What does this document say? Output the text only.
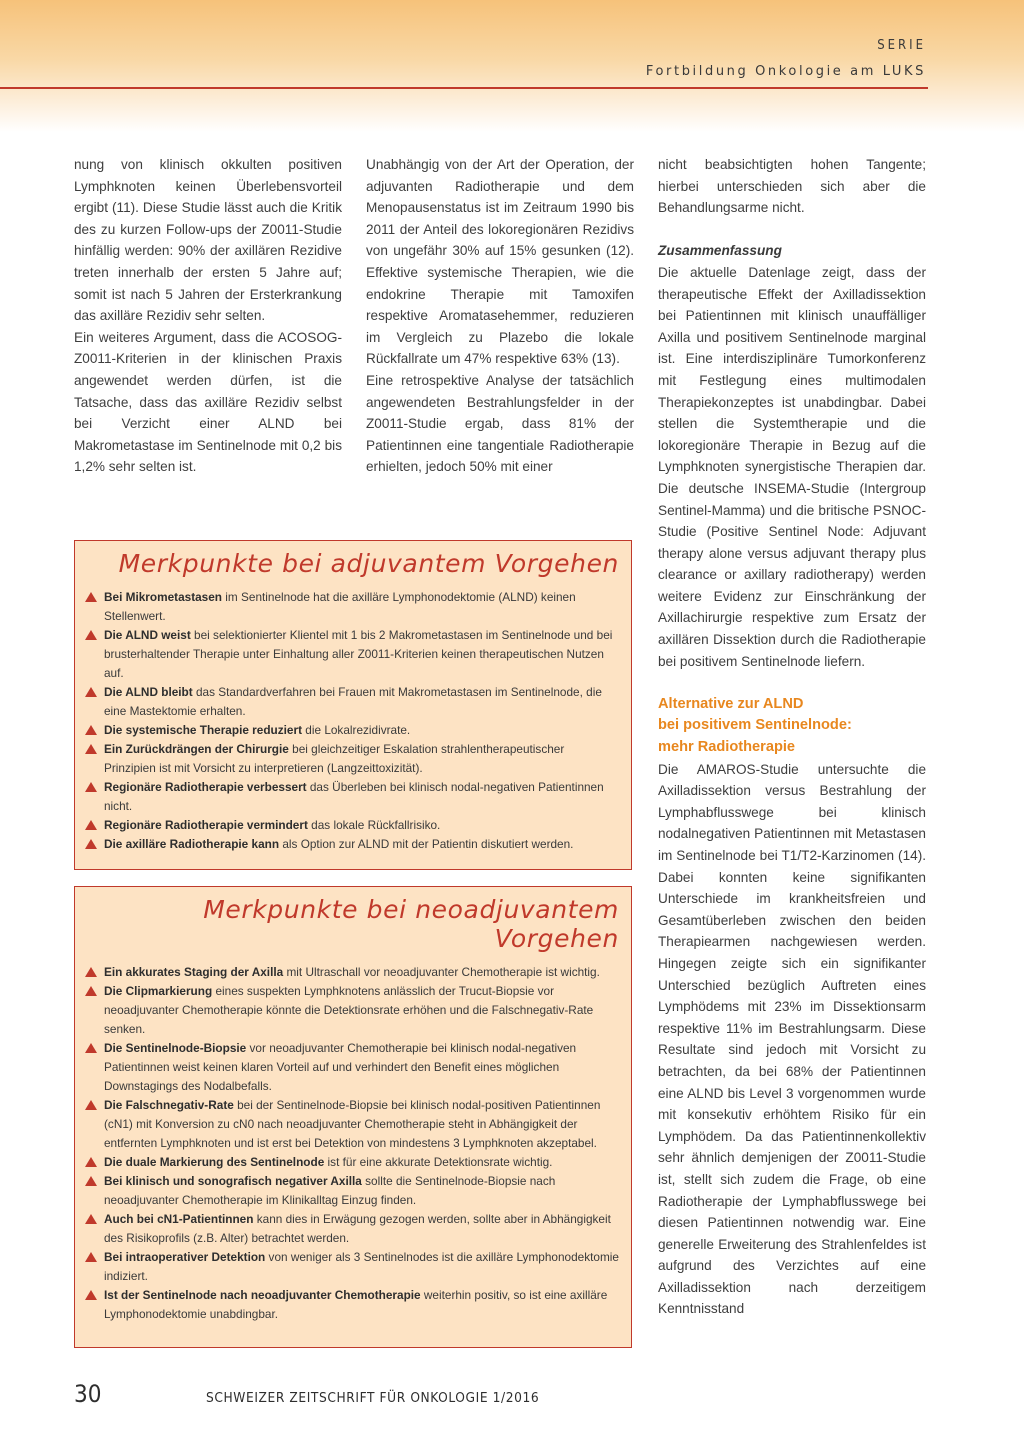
SERIE
Fortbildung Onkologie am LUKS

nung von klinisch okkulten positiven Lymphknoten keinen Überlebensvorteil ergibt (11). Diese Studie lässt auch die Kritik des zu kurzen Follow-ups der Z0011-Studie hinfällig werden: 90% der axillären Rezidive treten innerhalb der ersten 5 Jahre auf; somit ist nach 5 Jahren der Ersterkrankung das axilläre Rezidiv sehr selten.

Ein weiteres Argument, dass die ACOSOG-Z0011-Kriterien in der klinischen Praxis angewendet werden dürfen, ist die Tatsache, dass das axilläre Rezidiv selbst bei Verzicht einer ALND bei Makrometastase im Sentinelnode mit 0,2 bis 1,2% sehr selten ist.

Unabhängig von der Art der Operation, der adjuvanten Radiotherapie und dem Menopausenstatus ist im Zeitraum 1990 bis 2011 der Anteil des lokoregionären Rezidivs von ungefähr 30% auf 15% gesunken (12). Effektive systemische Therapien, wie die endokrine Therapie mit Tamoxifen respektive Aromatasehemmer, reduzieren im Vergleich zu Plazebo die lokale Rückfallrate um 47% respektive 63% (13).

Eine retrospektive Analyse der tatsächlich angewendeten Bestrahlungsfelder in der Z0011-Studie ergab, dass 81% der Patientinnen eine tangentiale Radiotherapie erhielten, jedoch 50% mit einer

nicht beabsichtigten hohen Tangente; hierbei unterschieden sich aber die Behandlungsarme nicht.

Zusammenfassung

Die aktuelle Datenlage zeigt, dass der therapeutische Effekt der Axilladissektion bei Patientinnen mit klinisch unauffälliger Axilla und positivem Sentinelnode marginal ist. Eine interdisziplinäre Tumorkonferenz mit Festlegung eines multimodalen Therapiekonzeptes ist unabdingbar. Dabei stellen die Systemtherapie und die lokoregionäre Therapie in Bezug auf die Lymphknoten synergistische Therapien dar. Die deutsche INSEMA-Studie (Intergroup Sentinel-Mamma) und die britische PSNOC-Studie (Positive Sentinel Node: Adjuvant therapy alone versus adjuvant therapy plus clearance or axillary radiotherapy) werden weitere Evidenz zur Einschränkung der Axillachirurgie respektive zum Ersatz der axillären Dissektion durch die Radiotherapie bei positivem Sentinelnode liefern.

Alternative zur ALND
bei positivem Sentinelnode:
mehr Radiotherapie

Die AMAROS-Studie untersuchte die Axilladissektion versus Bestrahlung der Lymphabflusswege bei klinisch nodalnegativen Patientinnen mit Metastasen im Sentinelnode bei T1/T2-Karzinomen (14). Dabei konnten keine signifikanten Unterschiede im krankheitsfreien und Gesamtüberleben zwischen den beiden Therapiearmen nachgewiesen werden. Hingegen zeigte sich ein signifikanter Unterschied bezüglich Auftreten eines Lymphödems mit 23% im Dissektionsarm respektive 11% im Bestrahlungsarm. Diese Resultate sind jedoch mit Vorsicht zu betrachten, da bei 68% der Patientinnen eine ALND bis Level 3 vorgenommen wurde mit konsekutiv erhöhtem Risiko für ein Lymphödem. Da das Patientinnenkollektiv sehr ähnlich demjenigen der Z0011-Studie ist, stellt sich zudem die Frage, ob eine Radiotherapie der Lymphabflusswege bei diesen Patientinnen notwendig war. Eine generelle Erweiterung des Strahlenfeldes ist aufgrund des Verzichtes auf eine Axilladissektion nach derzeitigem Kenntnisstand

Merkpunkte bei adjuvantem Vorgehen
Bei Mikrometastasen im Sentinelnode hat die axilläre Lymphonodektomie (ALND) keinen Stellenwert.
Die ALND weist bei selektionierter Klientel mit 1 bis 2 Makrometastasen im Sentinelnode und bei brusterhaltender Therapie unter Einhaltung aller Z0011-Kriterien keinen therapeutischen Nutzen auf.
Die ALND bleibt das Standardverfahren bei Frauen mit Makrometastasen im Sentinelnode, die eine Mastektomie erhalten.
Die systemische Therapie reduziert die Lokalrezidivrate.
Ein Zurückdrängen der Chirurgie bei gleichzeitiger Eskalation strahlentherapeutischer Prinzipien ist mit Vorsicht zu interpretieren (Langzeittoxizität).
Regionäre Radiotherapie verbessert das Überleben bei klinisch nodal-negativen Patientinnen nicht.
Regionäre Radiotherapie vermindert das lokale Rückfallrisiko.
Die axilläre Radiotherapie kann als Option zur ALND mit der Patientin diskutiert werden.
Merkpunkte bei neoadjuvantem Vorgehen
Ein akkurates Staging der Axilla mit Ultraschall vor neoadjuvanter Chemotherapie ist wichtig.
Die Clipmarkierung eines suspekten Lymphknotens anlässlich der Trucut-Biopsie vor neoadjuvanter Chemotherapie könnte die Detektionsrate erhöhen und die Falschnegativ-Rate senken.
Die Sentinelnode-Biopsie vor neoadjuvanter Chemotherapie bei klinisch nodal-negativen Patientinnen weist keinen klaren Vorteil auf und verhindert den Benefit eines möglichen Downstagings des Nodalbefalls.
Die Falschnegativ-Rate bei der Sentinelnode-Biopsie bei klinisch nodal-positiven Patientinnen (cN1) mit Konversion zu cN0 nach neoadjuvanter Chemotherapie steht in Abhängigkeit der entfernten Lymphknoten und ist erst bei Detektion von mindestens 3 Lymphknoten akzeptabel.
Die duale Markierung des Sentinelnode ist für eine akkurate Detektionsrate wichtig.
Bei klinisch und sonografisch negativer Axilla sollte die Sentinelnode-Biopsie nach neoadjuvanter Chemotherapie im Klinikalltag Einzug finden.
Auch bei cN1-Patientinnen kann dies in Erwägung gezogen werden, sollte aber in Abhängigkeit des Risikoprofils (z.B. Alter) betrachtet werden.
Bei intraoperativer Detektion von weniger als 3 Sentinelnodes ist die axilläre Lymphonodektomie indiziert.
Ist der Sentinelnode nach neoadjuvanter Chemotherapie weiterhin positiv, so ist eine axilläre Lymphonodektomie unabdingbar.
30	SCHWEIZER ZEITSCHRIFT FÜR ONKOLOGIE 1/2016
